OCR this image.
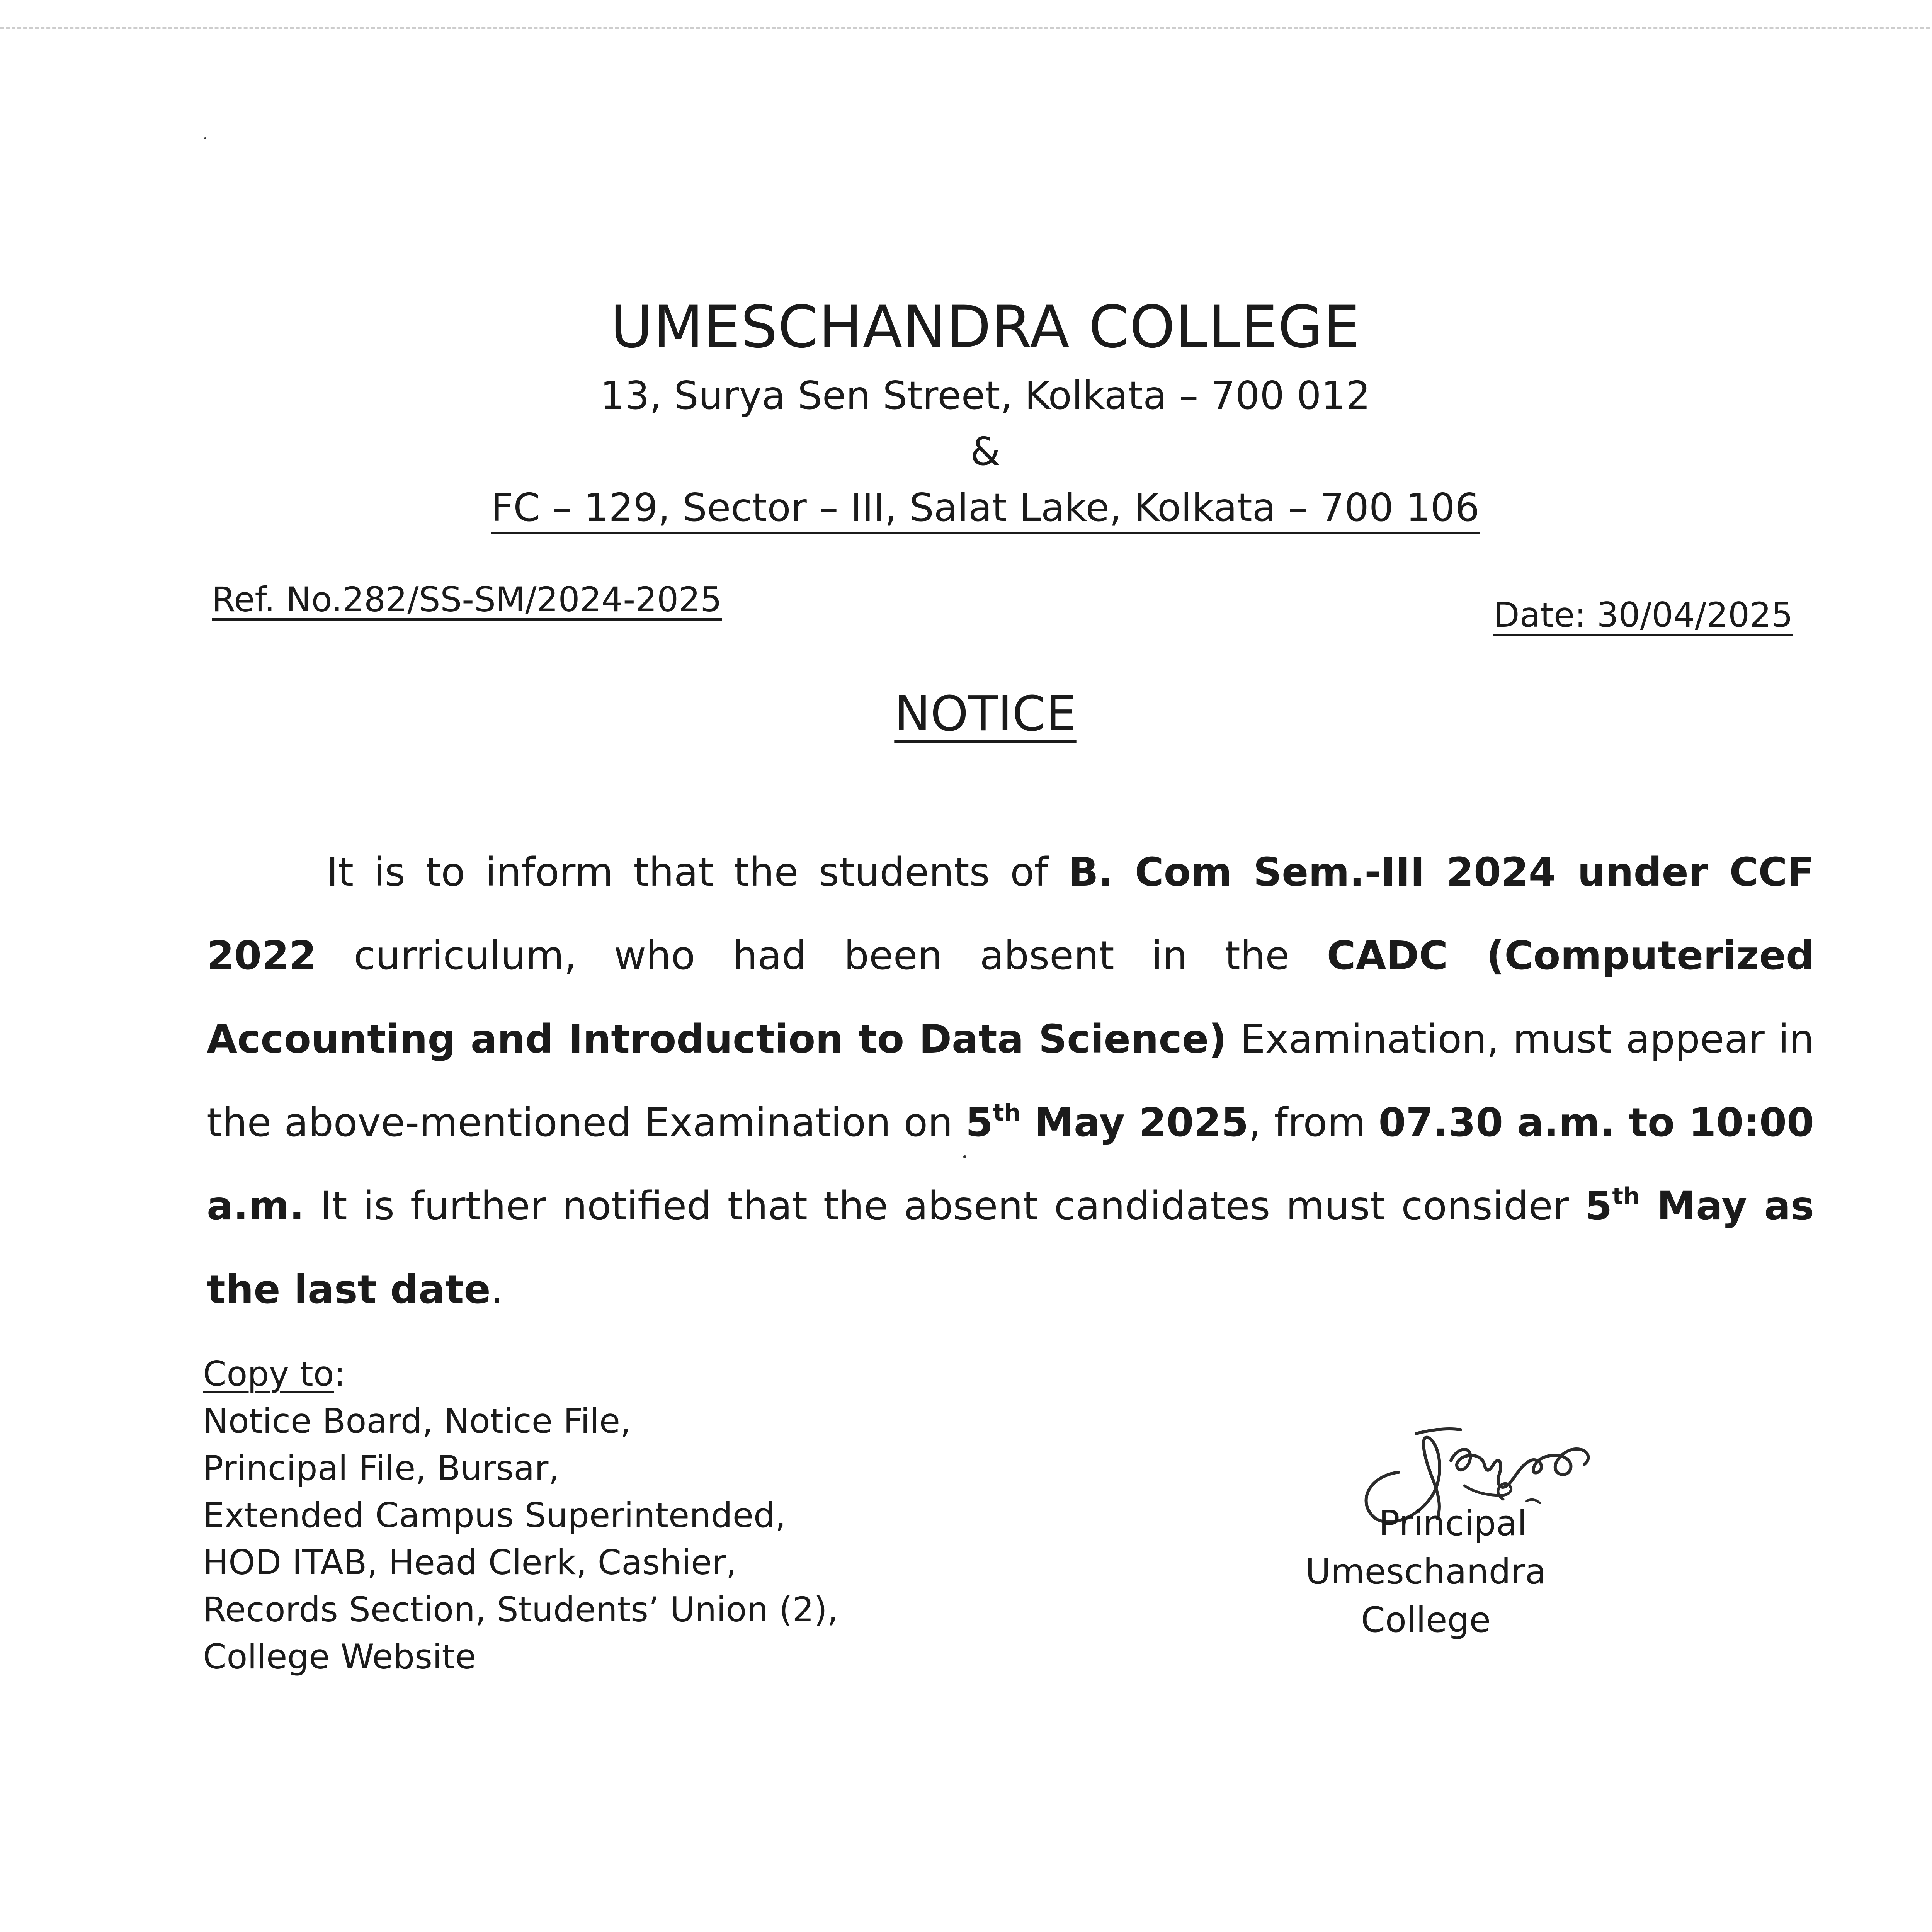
UMESCHANDRA COLLEGE
13, Surya Sen Street, Kolkata – 700 012
&
FC – 129, Sector – III, Salat Lake, Kolkata – 700 106
Ref. No.282/SS-SM/2024-2025	Date: 30/04/2025
NOTICE
It is to inform that the students of B. Com Sem.-III 2024 under CCF 2022 curriculum, who had been absent in the CADC (Computerized Accounting and Introduction to Data Science) Examination, must appear in the above-mentioned Examination on 5th May 2025, from 07.30 a.m. to 10:00 a.m. It is further notified that the absent candidates must consider 5th May as the last date.
Copy to:
Notice Board, Notice File,
Principal File, Bursar,
Extended Campus Superintended,
HOD ITAB, Head Clerk, Cashier,
Records Section, Students’ Union (2),
College Website
Principal
Umeschandra College
